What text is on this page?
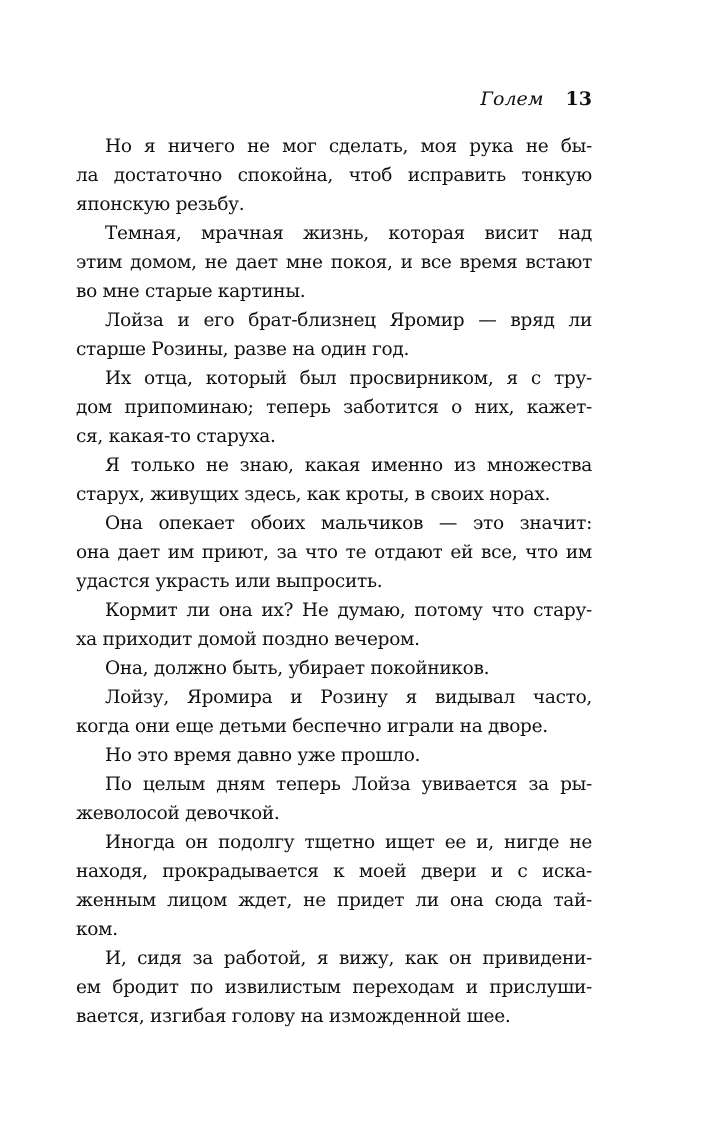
Голем 13

Но я ничего не мог сделать, моя рука не бы-
ла достаточно спокойна, чтоб исправить тонкую
японскую резьбу.

Темная, мрачная жизнь, которая висит над
этим домом, не дает мне покоя, и все время встают
во мне старые картины.

Лойза и его брат-близнец Яромир — вряд ли
старше Розины, разве на один год.

Их отца, который был просвирником, я с тру-
дом припоминаю; теперь заботится о них, кажет-
ся, какая-то старуха.

Я только не знаю, какая именно из множества
старух, живущих здесь, как кроты, в своих норах.

Она опекает обоих мальчиков — это значит:
она дает им приют, за что те отдают ей все, что им
удастся украсть или выпросить.

Кормит ли она их? Не думаю, потому что стару-
ха приходит домой поздно вечером.

Она, должно быть, убирает покойников.

Лойзу, Яромира и Розину я видывал часто,
когда они еще детьми беспечно играли на дворе.

Но это время давно уже прошло.

По целым дням теперь Лойза увивается за ры-
жеволосой девочкой.

Иногда он подолгу тщетно ищет ее и, нигде не
находя, прокрадывается к моей двери и с иска-
женным лицом ждет, не придет ли она сюда тай-
ком.

И, сидя за работой, я вижу, как он привидени-
ем бродит по извилистым переходам и прислуши-
вается, изгибая голову на изможденной шее.
